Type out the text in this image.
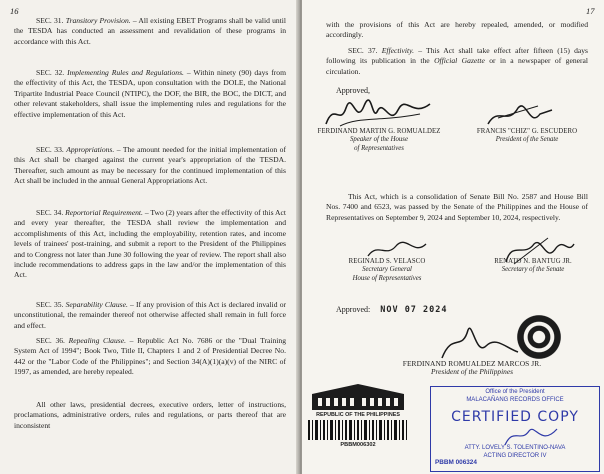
16

SEC. 31. Transitory Provision. – All existing EBET Programs shall be valid until the TESDA has conducted an assessment and revalidation of these programs in accordance with this Act.

SEC. 32. Implementing Rules and Regulations. – Within ninety (90) days from the effectivity of this Act, the TESDA, upon consultation with the DOLE, the National Tripartite Industrial Peace Council (NTIPC), the DOF, the BIR, the BOC, the DICT, and other relevant stakeholders, shall issue the implementing rules and regulations for the effective implementation of this Act.

SEC. 33. Appropriations. – The amount needed for the initial implementation of this Act shall be charged against the current year's appropriation of the TESDA. Thereafter, such amount as may be necessary for the continued implementation of this Act shall be included in the annual General Appropriations Act.

SEC. 34. Reportorial Requirement. – Two (2) years after the effectivity of this Act and every year thereafter, the TESDA shall review the implementation and accomplishments of this Act, including the employability, retention rates, and income levels of trainees' post-training, and submit a report to the President of the Philippines and to Congress not later than June 30 following the year of review. The report shall also include recommendations to address gaps in the law and/or the implementation of this Act.

SEC. 35. Separability Clause. – If any provision of this Act is declared invalid or unconstitutional, the remainder thereof not otherwise affected shall remain in full force and effect.

SEC. 36. Repealing Clause. – Republic Act No. 7686 or the "Dual Training System Act of 1994"; Book Two, Title II, Chapters 1 and 2 of Presidential Decree No. 442 or the "Labor Code of the Philippines"; and Section 34(A)(1)(a)(v) of the NIRC of 1997, as amended, are hereby repealed.

All other laws, presidential decrees, executive orders, letter of instructions, proclamations, administrative orders, rules and regulations, or parts thereof that are inconsistent

17

with the provisions of this Act are hereby repealed, amended, or modified accordingly.

SEC. 37. Effectivity. – This Act shall take effect after fifteen (15) days following its publication in the Official Gazette or in a newspaper of general circulation.

Approved,
FERDINAND MARTIN G. ROMUALDEZ
Speaker of the House
of Representatives
FRANCIS "CHIZ" G. ESCUDERO
President of the Senate

This Act, which is a consolidation of Senate Bill No. 2587 and House Bill Nos. 7400 and 6523, was passed by the Senate of the Philippines and the House of Representatives on September 9, 2024 and September 10, 2024, respectively.

REGINALD S. VELASCO
Secretary General
House of Representatives
RENATO N. BANTUG JR.
Secretary of the Senate
Approved: NOV 07 2024
FERDINAND ROMUALDEZ MARCOS JR.
President of the Philippines
REPUBLIC OF THE PHILIPPINES
PBBM006302
Office of the President
MALACAÑANG RECORDS OFFICE
CERTIFIED COPY
ATTY. LOVELY S. TOLENTINO-NAVA
ACTING DIRECTOR IV
PBBM 006324
